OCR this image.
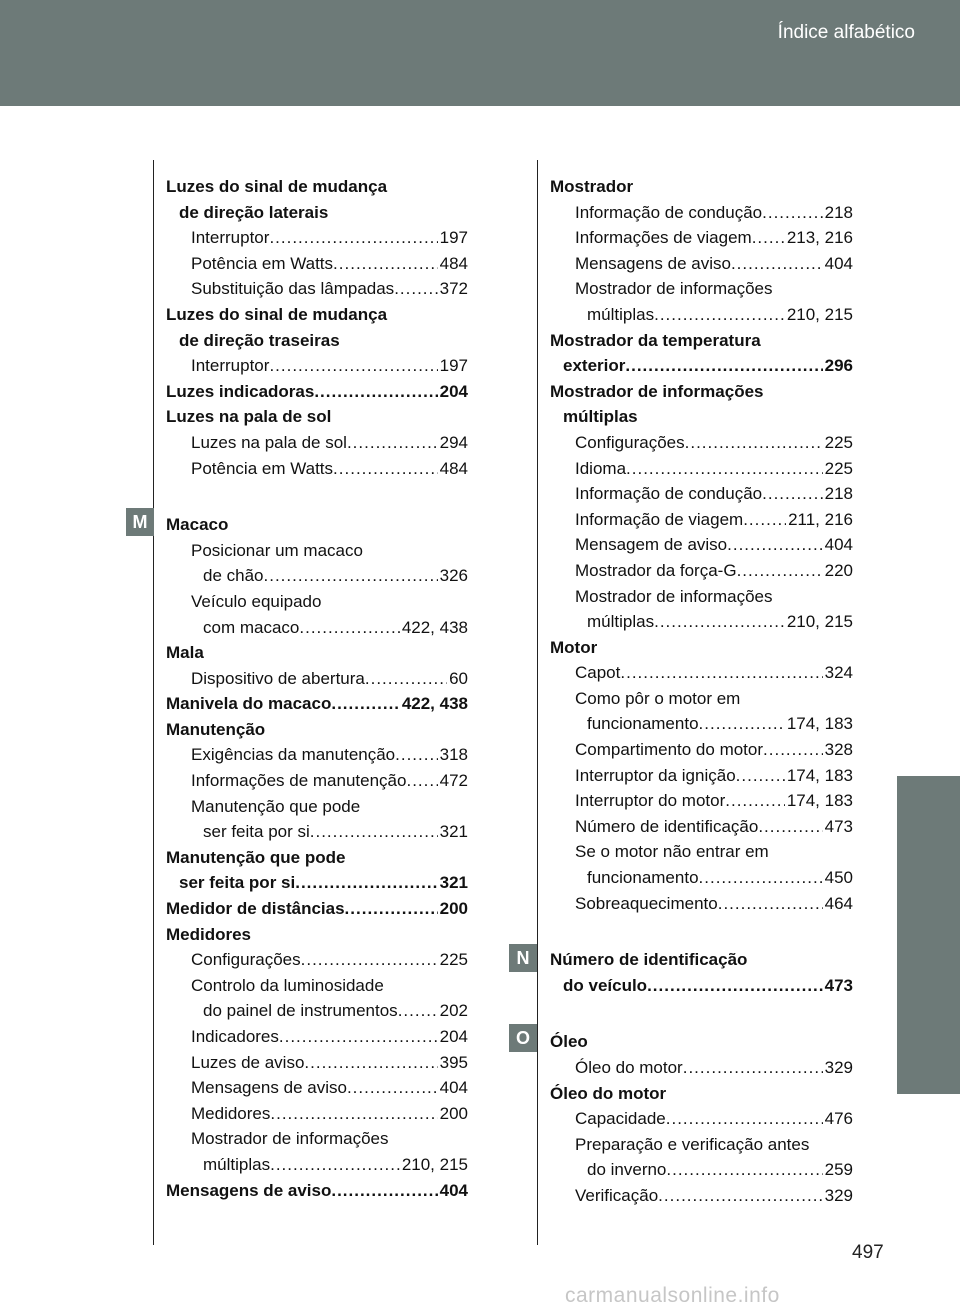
Índice alfabético
Luzes do sinal de mudança
de direção laterais
Interruptor .....	197
Potência em Watts .....	484
Substituição das lâmpadas .....	372
Luzes do sinal de mudança
de direção traseiras
Interruptor .....	197
Luzes indicadoras .....	204
Luzes na pala de sol
Luzes na pala de sol .....	294
Potência em Watts .....	484
Macaco
Posicionar um macaco
de chão .....	326
Veículo equipado
com macaco .....	422, 438
Mala
Dispositivo de abertura .....	60
Manivela do macaco .....	422, 438
Manutenção
Exigências da manutenção .....	318
Informações de manutenção ..... 472
Manutenção que pode
ser feita por si .....	321
Manutenção que pode
ser feita por si .....	321
Medidor de distâncias .....	200
Medidores
Configurações .....	225
Controlo da luminosidade
do painel de instrumentos ..... 202
Indicadores .....	204
Luzes de aviso .....	395
Mensagens de aviso .....	404
Medidores .....	200
Mostrador de informações
múltiplas .....	210, 215
Mensagens de aviso .....	404
Mostrador
Informação de condução .....	218
Informações de viagem ..... 213, 216
Mensagens de aviso .....	404
Mostrador de informações
múltiplas .....	210, 215
Mostrador da temperatura
exterior .....	296
Mostrador de informações
múltiplas
Configurações .....	225
Idioma .....	225
Informação de condução .....	218
Informação de viagem .....	211, 216
Mensagem de aviso .....	404
Mostrador da força-G .....	220
Mostrador de informações
múltiplas .....	210, 215
Motor
Capot .....	324
Como pôr o motor em
funcionamento .....	174, 183
Compartimento do motor .....	328
Interruptor da ignição .....	174, 183
Interruptor do motor .....	174, 183
Número de identificação .....	473
Se o motor não entrar em
funcionamento .....	450
Sobreaquecimento .....	464
Número de identificação
do veículo .....	473
Óleo
Óleo do motor .....	329
Óleo do motor
Capacidade .....	476
Preparação e verificação antes
do inverno .....	259
Verificação .....	329
M
N
O
497
carmanualsonline.info
